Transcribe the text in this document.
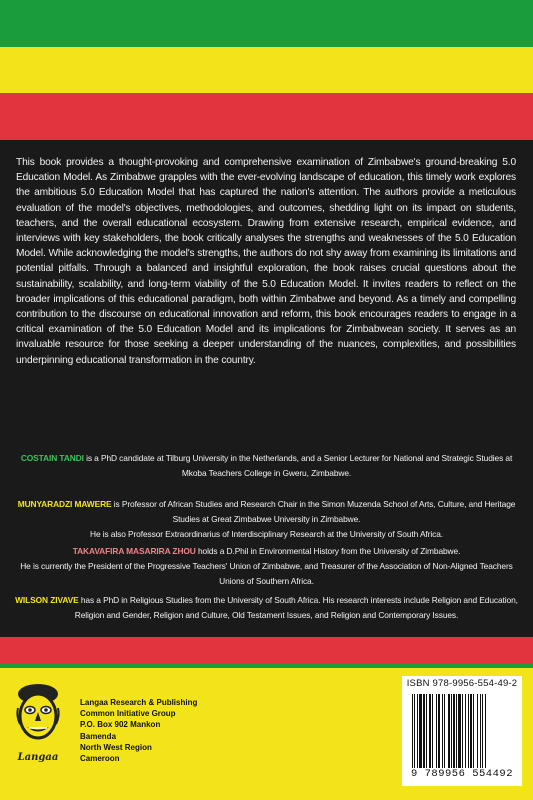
This book provides a thought-provoking and comprehensive examination of Zimbabwe's ground-breaking 5.0 Education Model. As Zimbabwe grapples with the ever-evolving landscape of education, this timely work explores the ambitious 5.0 Education Model that has captured the nation's attention. The authors provide a meticulous evaluation of the model's objectives, methodologies, and outcomes, shedding light on its impact on students, teachers, and the overall educational ecosystem. Drawing from extensive research, empirical evidence, and interviews with key stakeholders, the book critically analyses the strengths and weaknesses of the 5.0 Education Model. While acknowledging the model's strengths, the authors do not shy away from examining its limitations and potential pitfalls. Through a balanced and insightful exploration, the book raises crucial questions about the sustainability, scalability, and long-term viability of the 5.0 Education Model. It invites readers to reflect on the broader implications of this educational paradigm, both within Zimbabwe and beyond. As a timely and compelling contribution to the discourse on educational innovation and reform, this book encourages readers to engage in a critical examination of the 5.0 Education Model and its implications for Zimbabwean society. It serves as an invaluable resource for those seeking a deeper understanding of the nuances, complexities, and possibilities underpinning educational transformation in the country.

COSTAIN TANDI is a PhD candidate at Tilburg University in the Netherlands, and a Senior Lecturer for National and Strategic Studies at Mkoba Teachers College in Gweru, Zimbabwe.
MUNYARADZI MAWERE is Professor of African Studies and Research Chair in the Simon Muzenda School of Arts, Culture, and Heritage Studies at Great Zimbabwe University in Zimbabwe.
He is also Professor Extraordinarius of Interdisciplinary Research at the University of South Africa.
TAKAVAFIRA MASARIRA ZHOU holds a D.Phil in Environmental History from the University of Zimbabwe.
He is currently the President of the Progressive Teachers' Union of Zimbabwe, and Treasurer of the Association of Non-Aligned Teachers Unions of Southern Africa.
WILSON ZIVAVE has a PhD in Religious Studies from the University of South Africa. His research interests include Religion and Education, Religion and Gender, Religion and Culture, Old Testament Issues, and Religion and Contemporary Issues.
Langaa
Langaa Research & Publishing
Common Initiative Group
P.O. Box 902 Mankon
Bamenda
North West Region
Cameroon
ISBN 978-9956-554-49-2
9 789956 554492
